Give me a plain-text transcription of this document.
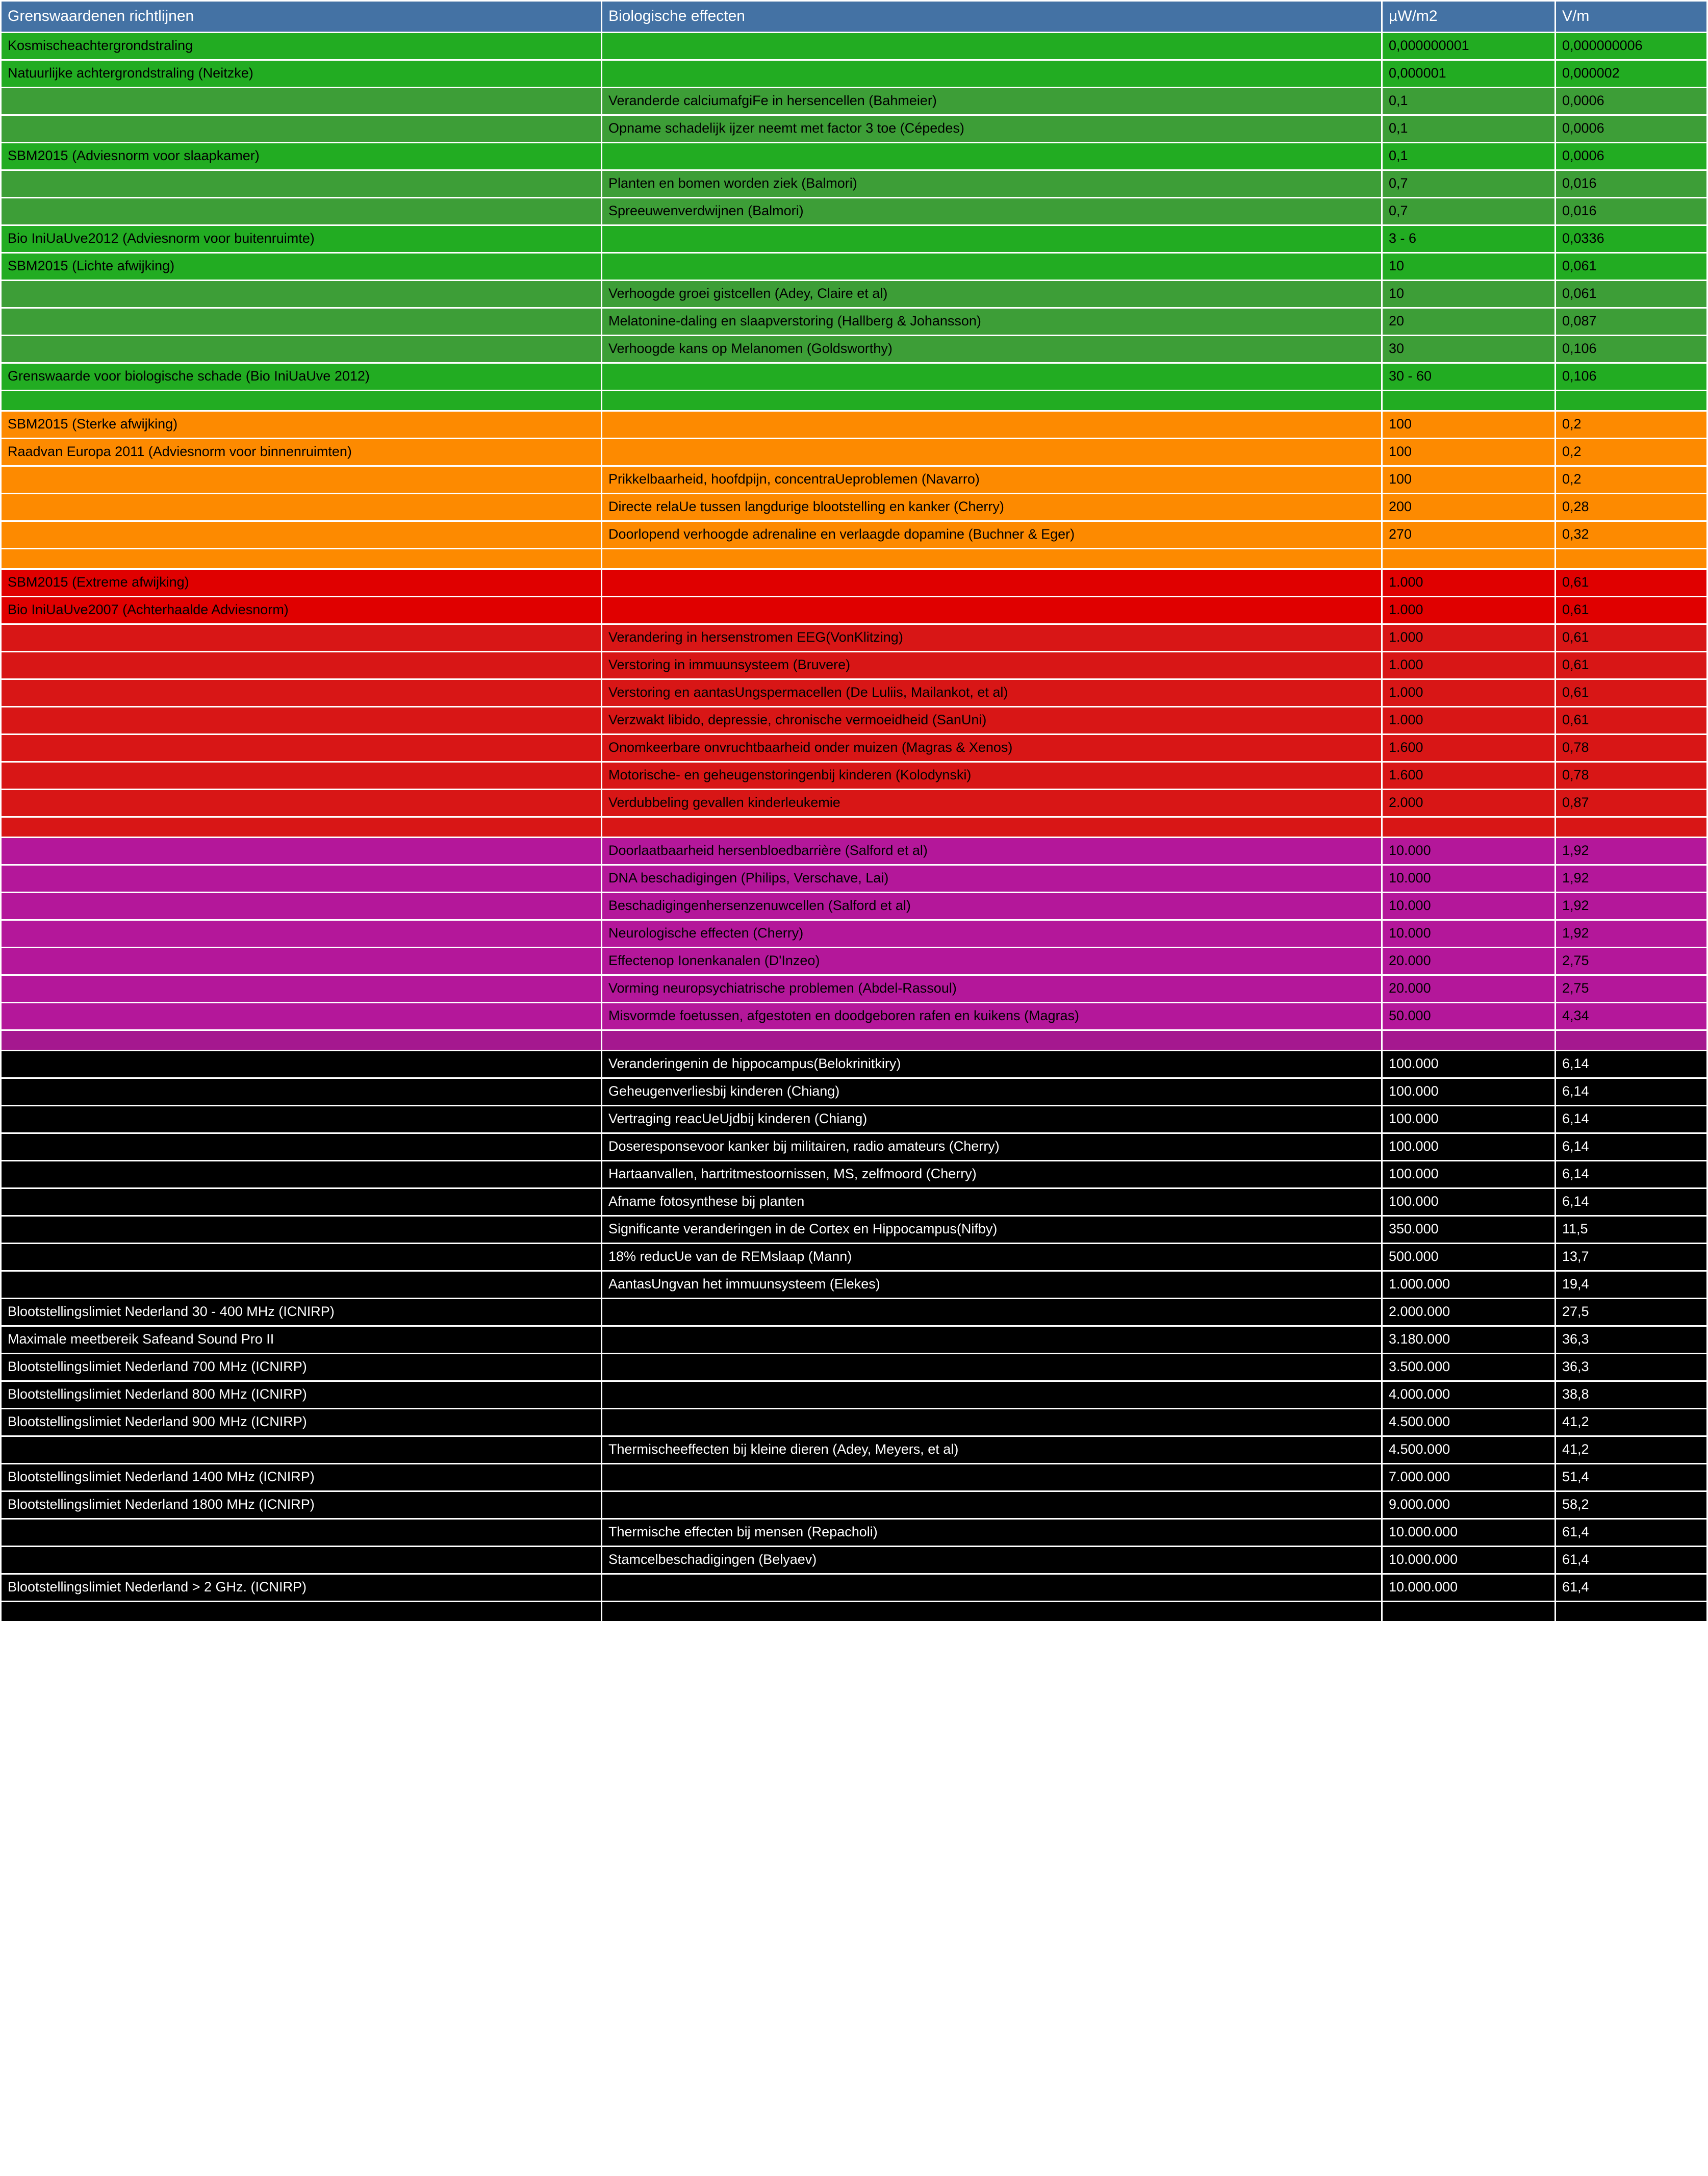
Grenswaardenen richtlijnen	Biologische effecten	µW/m2	V/m
Kosmischeachtergrondstraling		0,000000001	0,000000006
Natuurlijke achtergrondstraling (Neitzke)		0,000001	0,000002
	Veranderde calciumafgiFe in hersencellen (Bahmeier)	0,1	0,0006
	Opname schadelijk ijzer neemt met factor 3 toe (Cépedes)	0,1	0,0006
SBM2015 (Adviesnorm voor slaapkamer)		0,1	0,0006
	Planten en bomen worden ziek (Balmori)	0,7	0,016
	Spreeuwenverdwijnen (Balmori)	0,7	0,016
Bio IniUaUve2012 (Adviesnorm voor buitenruimte)		3 - 6	0,0336
SBM2015 (Lichte afwijking)		10	0,061
	Verhoogde groei gistcellen (Adey, Claire et al)	10	0,061
	Melatonine-daling en slaapverstoring (Hallberg & Johansson)	20	0,087
	Verhoogde kans op Melanomen (Goldsworthy)	30	0,106
Grenswaarde voor biologische schade (Bio IniUaUve 2012)		30 - 60	0,106

SBM2015 (Sterke afwijking)		100	0,2
Raadvan Europa 2011 (Adviesnorm voor binnenruimten)		100	0,2
	Prikkelbaarheid, hoofdpijn, concentraUeproblemen (Navarro)	100	0,2
	Directe relaUe tussen langdurige blootstelling en kanker (Cherry)	200	0,28
	Doorlopend verhoogde adrenaline en verlaagde dopamine (Buchner & Eger)	270	0,32

SBM2015 (Extreme afwijking)		1.000	0,61
Bio IniUaUve2007 (Achterhaalde Adviesnorm)		1.000	0,61
	Verandering in hersenstromen EEG(VonKlitzing)	1.000	0,61
	Verstoring in immuunsysteem (Bruvere)	1.000	0,61
	Verstoring en aantasUngspermacellen (De Luliis, Mailankot, et al)	1.000	0,61
	Verzwakt libido, depressie, chronische vermoeidheid (SanUni)	1.000	0,61
	Onomkeerbare onvruchtbaarheid onder muizen (Magras & Xenos)	1.600	0,78
	Motorische- en geheugenstoringenbij kinderen (Kolodynski)	1.600	0,78
	Verdubbeling gevallen kinderleukemie	2.000	0,87

	Doorlaatbaarheid hersenbloedbarrière (Salford et al)	10.000	1,92
	DNA beschadigingen (Philips, Verschave, Lai)	10.000	1,92
	Beschadigingenhersenzenuwcellen (Salford et al)	10.000	1,92
	Neurologische effecten (Cherry)	10.000	1,92
	Effectenop Ionenkanalen (D'Inzeo)	20.000	2,75
	Vorming neuropsychiatrische problemen (Abdel-Rassoul)	20.000	2,75
	Misvormde foetussen, afgestoten en doodgeboren rafen en kuikens (Magras)	50.000	4,34

	Veranderingenin de hippocampus(Belokrinitkiry)	100.000	6,14
	Geheugenverliesbij kinderen (Chiang)	100.000	6,14
	Vertraging reacUeUjdbij kinderen (Chiang)	100.000	6,14
	Doseresponsevoor kanker bij militairen, radio amateurs (Cherry)	100.000	6,14
	Hartaanvallen, hartritmestoornissen, MS, zelfmoord (Cherry)	100.000	6,14
	Afname fotosynthese bij planten	100.000	6,14
	Significante veranderingen in de Cortex en Hippocampus(Nifby)	350.000	11,5
	18% reducUe van de REMslaap (Mann)	500.000	13,7
	AantasUngvan het immuunsysteem (Elekes)	1.000.000	19,4
Blootstellingslimiet Nederland 30 - 400 MHz (ICNIRP)		2.000.000	27,5
Maximale meetbereik Safeand Sound Pro II		3.180.000	36,3
Blootstellingslimiet Nederland 700 MHz (ICNIRP)		3.500.000	36,3
Blootstellingslimiet Nederland 800 MHz (ICNIRP)		4.000.000	38,8
Blootstellingslimiet Nederland 900 MHz (ICNIRP)		4.500.000	41,2
	Thermischeeffecten bij kleine dieren (Adey, Meyers, et al)	4.500.000	41,2
Blootstellingslimiet Nederland 1400 MHz (ICNIRP)		7.000.000	51,4
Blootstellingslimiet Nederland 1800 MHz (ICNIRP)		9.000.000	58,2
	Thermische effecten bij mensen (Repacholi)	10.000.000	61,4
	Stamcelbeschadigingen (Belyaev)	10.000.000	61,4
Blootstellingslimiet Nederland > 2 GHz. (ICNIRP)		10.000.000	61,4
